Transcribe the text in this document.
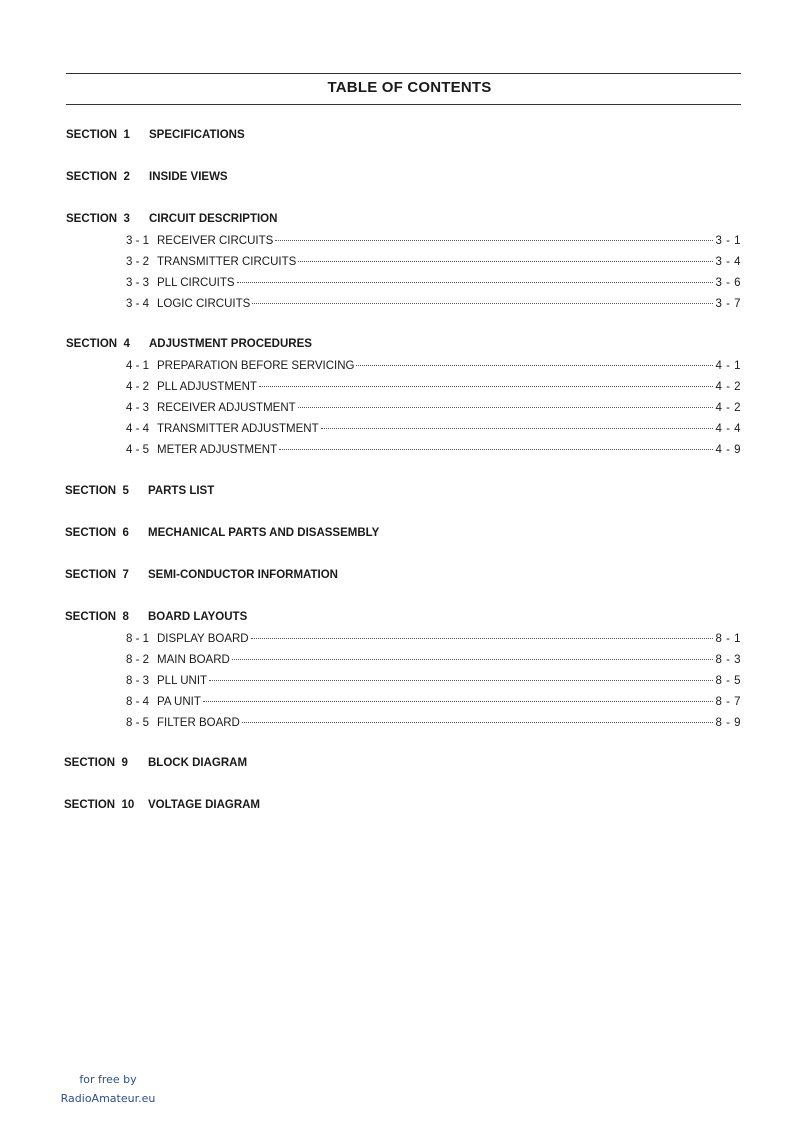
TABLE OF CONTENTS
SECTION  1 SPECIFICATIONS
SECTION  2 INSIDE VIEWS
SECTION  3 CIRCUIT DESCRIPTION
3 - 1 RECEIVER CIRCUITS	3 - 1
3 - 2 TRANSMITTER CIRCUITS	3 - 4
3 - 3 PLL CIRCUITS	3 - 6
3 - 4 LOGIC CIRCUITS	3 - 7
SECTION  4 ADJUSTMENT PROCEDURES
4 - 1 PREPARATION BEFORE SERVICING	4 - 1
4 - 2 PLL ADJUSTMENT	4 - 2
4 - 3 RECEIVER ADJUSTMENT	4 - 2
4 - 4 TRANSMITTER ADJUSTMENT	4 - 4
4 - 5 METER ADJUSTMENT	4 - 9
SECTION  5 PARTS LIST
SECTION  6 MECHANICAL PARTS AND DISASSEMBLY
SECTION  7 SEMI-CONDUCTOR INFORMATION
SECTION  8 BOARD LAYOUTS
8 - 1 DISPLAY BOARD	8 - 1
8 - 2 MAIN BOARD	8 - 3
8 - 3 PLL UNIT	8 - 5
8 - 4 PA UNIT	8 - 7
8 - 5 FILTER BOARD	8 - 9
SECTION  9 BLOCK DIAGRAM
SECTION  10 VOLTAGE DIAGRAM
for free by
RadioAmateur.eu
